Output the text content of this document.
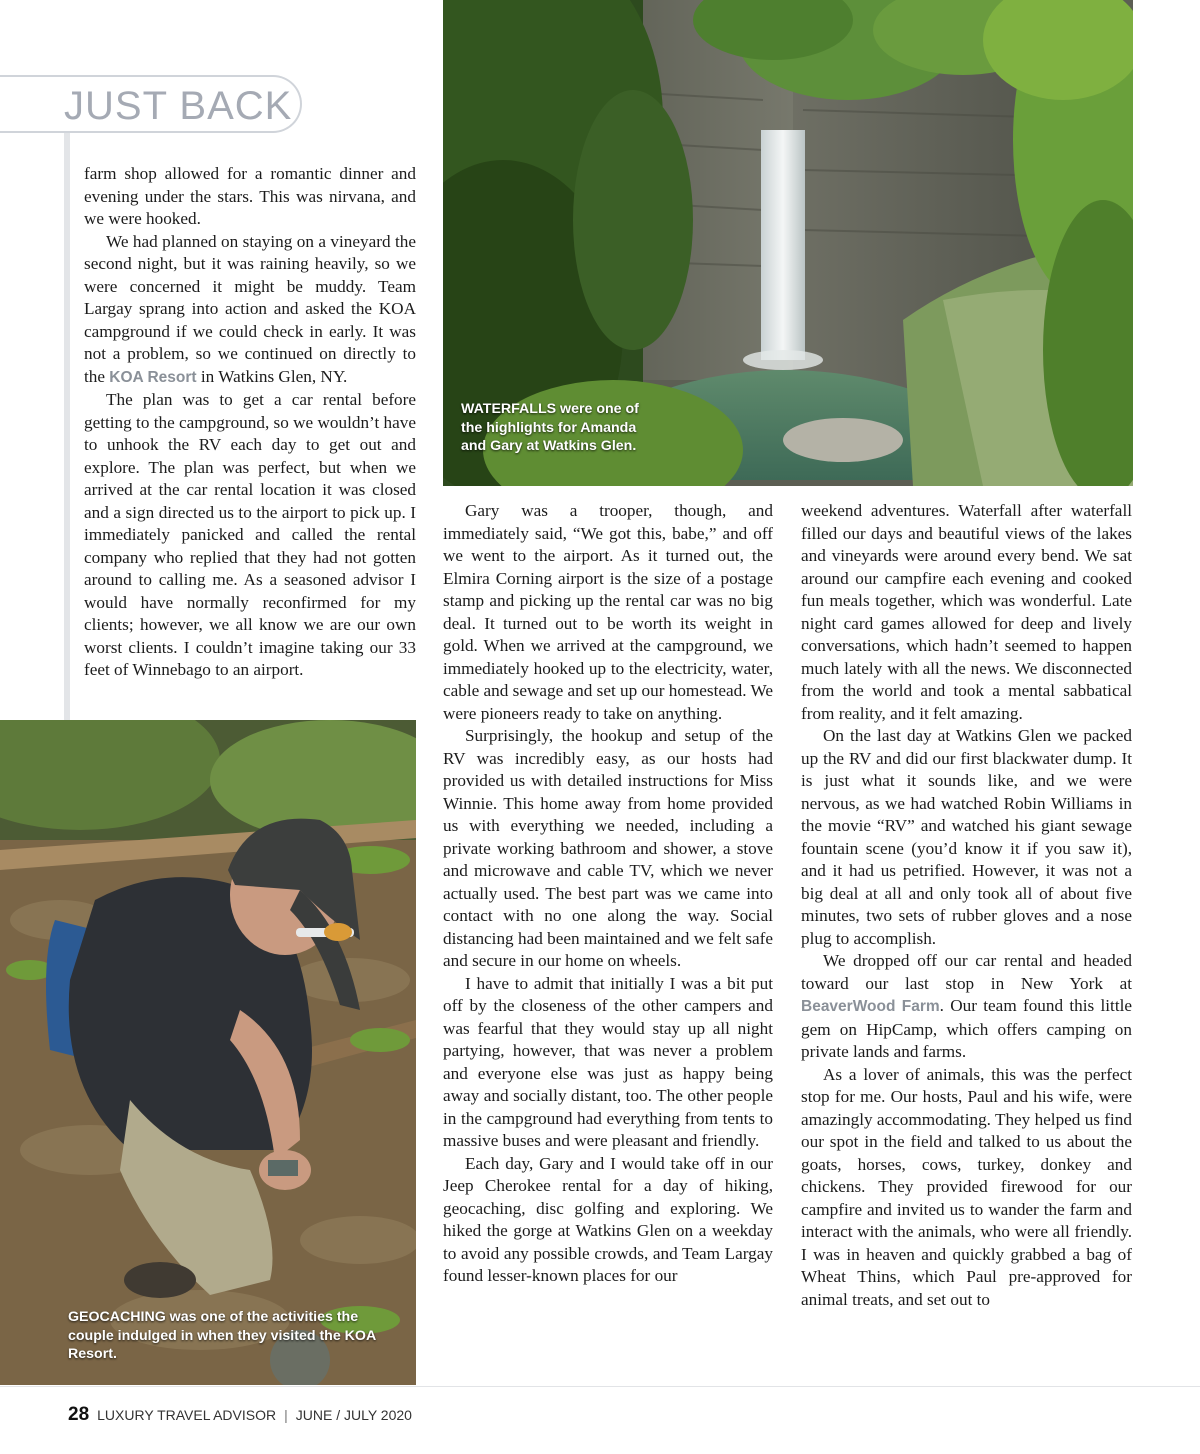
JUST BACK

WATERFALLS were one of the highlights for Amanda and Gary at Watkins Glen.

farm shop allowed for a romantic dinner and evening under the stars. This was nirvana, and we were hooked.

We had planned on staying on a vineyard the second night, but it was raining heavily, so we were concerned it might be muddy. Team Largay sprang into action and asked the KOA campground if we could check in early. It was not a problem, so we continued on directly to the KOA Resort in Watkins Glen, NY.

The plan was to get a car rental before getting to the campground, so we wouldn’t have to unhook the RV each day to get out and explore. The plan was perfect, but when we arrived at the car rental location it was closed and a sign directed us to the airport to pick up. I immediately panicked and called the rental company who replied that they had not gotten around to calling me. As a seasoned advisor I would have normally reconfirmed for my clients; however, we all know we are our own worst clients. I couldn’t imagine taking our 33 feet of Winnebago to an airport.

GEOCACHING was one of the activities the couple indulged in when they visited the KOA Resort.

Gary was a trooper, though, and immediately said, “We got this, babe,” and off we went to the airport. As it turned out, the Elmira Corning airport is the size of a postage stamp and picking up the rental car was no big deal. It turned out to be worth its weight in gold. When we arrived at the campground, we immediately hooked up to the electricity, water, cable and sewage and set up our homestead. We were pioneers ready to take on anything.

Surprisingly, the hookup and setup of the RV was incredibly easy, as our hosts had provided us with detailed instructions for Miss Winnie. This home away from home provided us with everything we needed, including a private working bathroom and shower, a stove and microwave and cable TV, which we never actually used. The best part was we came into contact with no one along the way. Social distancing had been maintained and we felt safe and secure in our home on wheels.

I have to admit that initially I was a bit put off by the closeness of the other campers and was fearful that they would stay up all night partying, however, that was never a problem and everyone else was just as happy being away and socially distant, too. The other people in the campground had everything from tents to massive buses and were pleasant and friendly.

Each day, Gary and I would take off in our Jeep Cherokee rental for a day of hiking, geocaching, disc golfing and exploring. We hiked the gorge at Watkins Glen on a weekday to avoid any possible crowds, and Team Largay found lesser-known places for our

weekend adventures. Waterfall after waterfall filled our days and beautiful views of the lakes and vineyards were around every bend. We sat around our campfire each evening and cooked fun meals together, which was wonderful. Late night card games allowed for deep and lively conversations, which hadn’t seemed to happen much lately with all the news. We disconnected from the world and took a mental sabbatical from reality, and it felt amazing.

On the last day at Watkins Glen we packed up the RV and did our first blackwater dump. It is just what it sounds like, and we were nervous, as we had watched Robin Williams in the movie “RV” and watched his giant sewage fountain scene (you’d know it if you saw it), and it had us petrified. However, it was not a big deal at all and only took all of about five minutes, two sets of rubber gloves and a nose plug to accomplish.

We dropped off our car rental and headed toward our last stop in New York at BeaverWood Farm. Our team found this little gem on HipCamp, which offers camping on private lands and farms.

As a lover of animals, this was the perfect stop for me. Our hosts, Paul and his wife, were amazingly accommodating. They helped us find our spot in the field and talked to us about the goats, horses, cows, turkey, donkey and chickens. They provided firewood for our campfire and invited us to wander the farm and interact with the animals, who were all friendly. I was in heaven and quickly grabbed a bag of Wheat Thins, which Paul pre-approved for animal treats, and set out to

28 LUXURY TRAVEL ADVISOR | JUNE / JULY 2020
